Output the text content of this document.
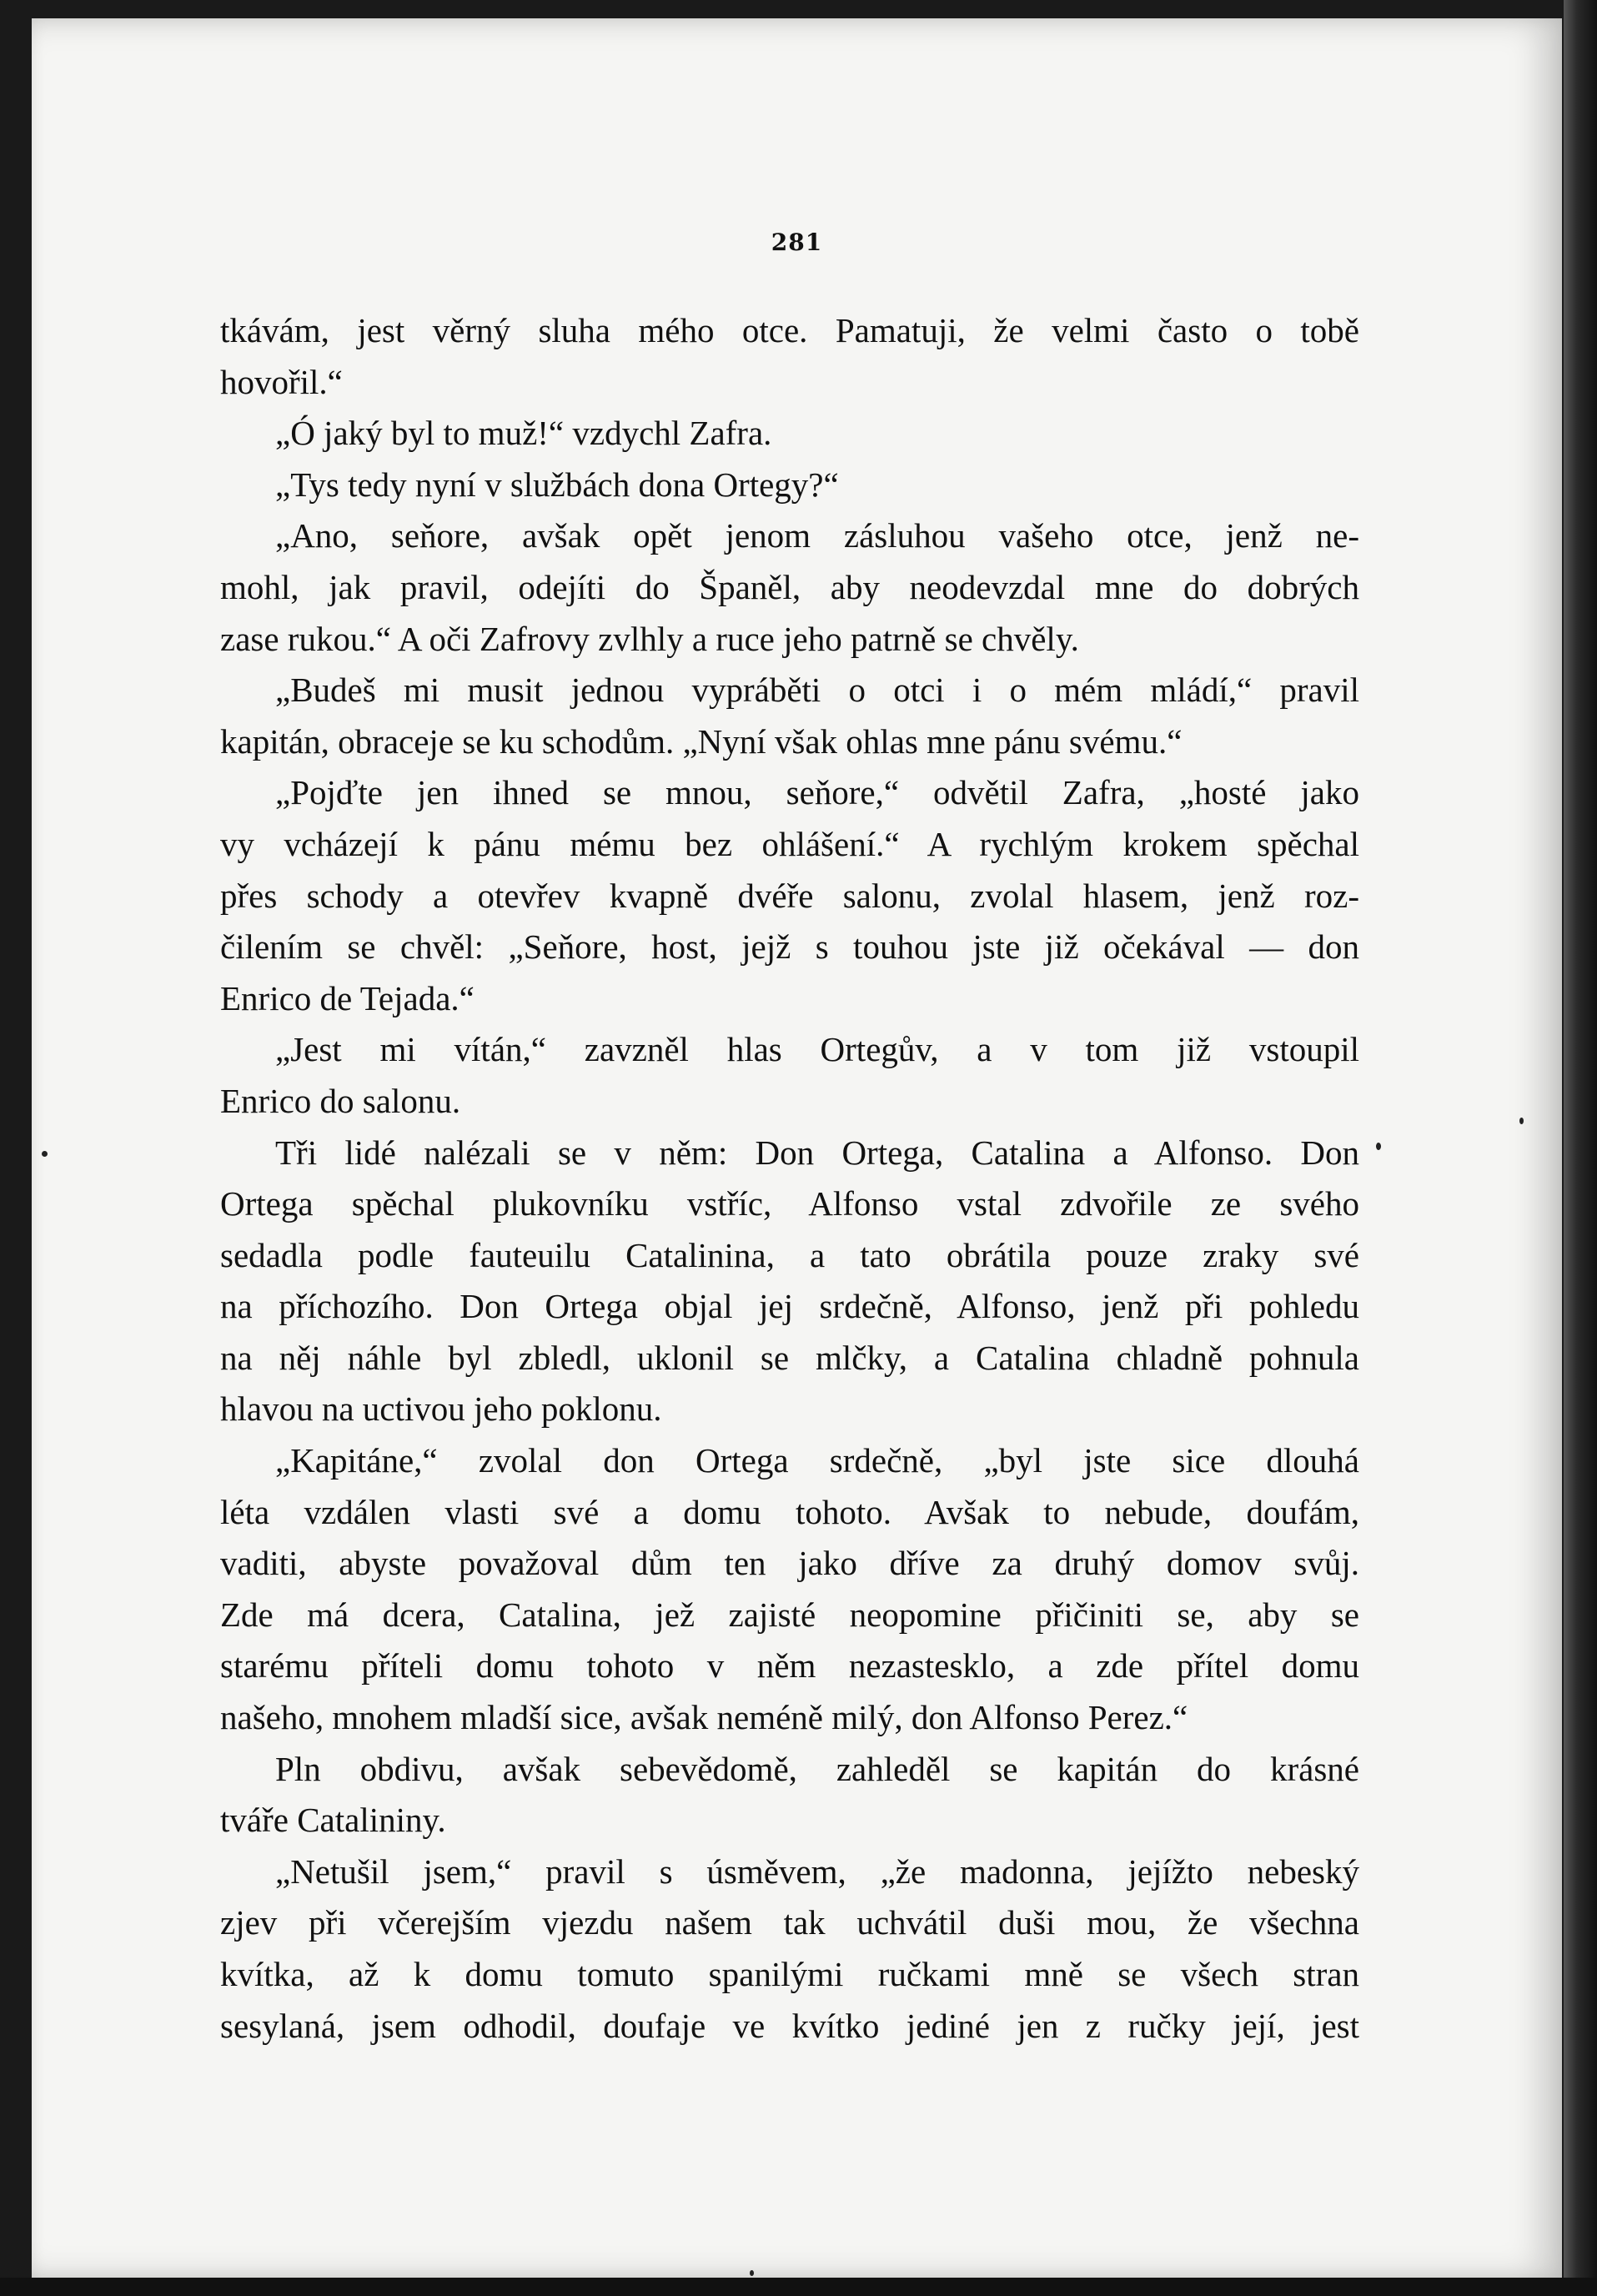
281
tkávám, jest věrný sluha mého otce. Pamatuji, že velmi často o tobě
hovořil.“
„Ó jaký byl to muž!“ vzdychl Zafra.
„Tys tedy nyní v službách dona Ortegy?“
„Ano, seňore, avšak opět jenom zásluhou vašeho otce, jenž ne-
mohl, jak pravil, odejíti do Španěl, aby neodevzdal mne do dobrých
zase rukou.“ A oči Zafrovy zvlhly a ruce jeho patrně se chvěly.
„Budeš mi musit jednou vypráběti o otci i o mém mládí,“ pravil
kapitán, obraceje se ku schodům. „Nyní však ohlas mne pánu svému.“
„Pojďte jen ihned se mnou, seňore,“ odvětil Zafra, „hosté jako
vy vcházejí k pánu mému bez ohlášení.“ A rychlým krokem spěchal
přes schody a otevřev kvapně dvéře salonu, zvolal hlasem, jenž roz-
čilením se chvěl: „Seňore, host, jejž s touhou jste již očekával — don
Enrico de Tejada.“
„Jest mi vítán,“ zavzněl hlas Ortegův, a v tom již vstoupil
Enrico do salonu.
Tři lidé nalézali se v něm: Don Ortega, Catalina a Alfonso. Don
Ortega spěchal plukovníku vstříc, Alfonso vstal zdvořile ze svého
sedadla podle fauteuilu Catalinina, a tato obrátila pouze zraky své
na příchozího. Don Ortega objal jej srdečně, Alfonso, jenž při pohledu
na něj náhle byl zbledl, uklonil se mlčky, a Catalina chladně pohnula
hlavou na uctivou jeho poklonu.
„Kapitáne,“ zvolal don Ortega srdečně, „byl jste sice dlouhá
léta vzdálen vlasti své a domu tohoto. Avšak to nebude, doufám,
vaditi, abyste považoval dům ten jako dříve za druhý domov svůj.
Zde má dcera, Catalina, jež zajisté neopomine přičiniti se, aby se
starému příteli domu tohoto v něm nezastesklo, a zde přítel domu
našeho, mnohem mladší sice, avšak neméně milý, don Alfonso Perez.“
Pln obdivu, avšak sebevědomě, zahleděl se kapitán do krásné
tváře Catalininy.
„Netušil jsem,“ pravil s úsměvem, „že madonna, jejížto nebeský
zjev při včerejším vjezdu našem tak uchvátil duši mou, že všechna
kvítka, až k domu tomuto spanilými ručkami mně se všech stran
sesylaná, jsem odhodil, doufaje ve kvítko jediné jen z ručky její, jest
